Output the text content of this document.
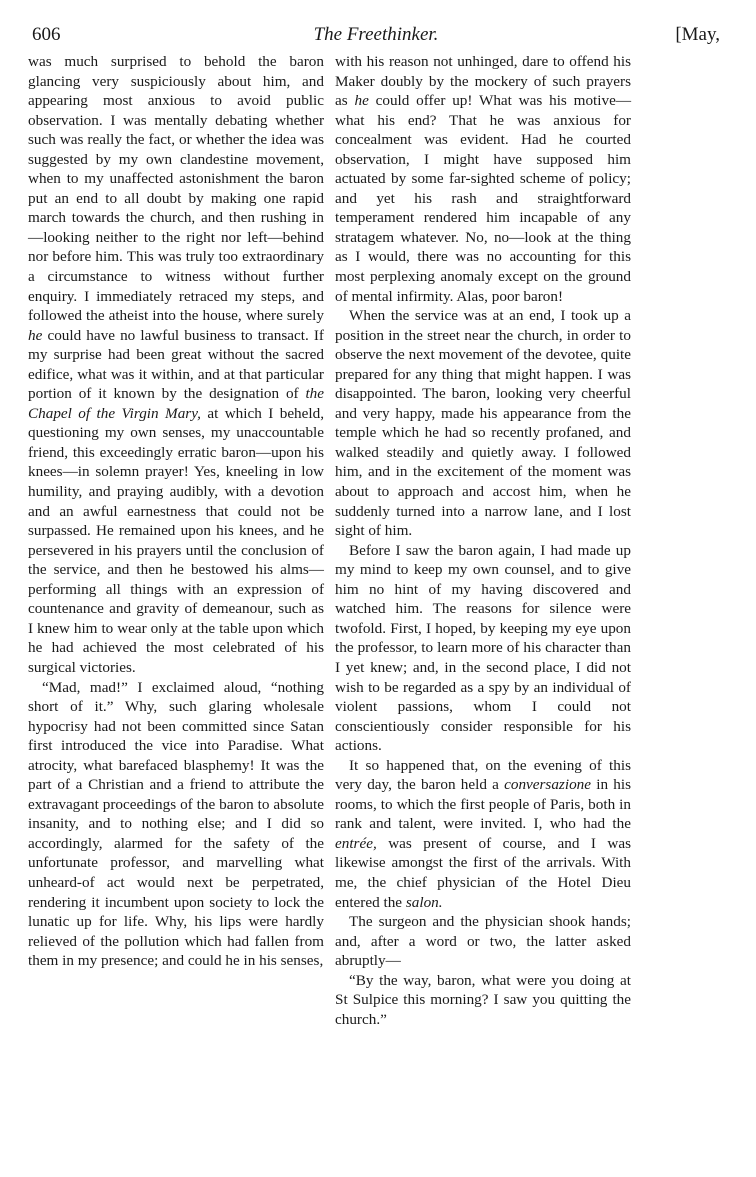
606	The Freethinker.	[May,

was much surprised to behold the baron glancing very suspiciously about him, and appearing most anxious to avoid public observation. I was mentally debating whether such was really the fact, or whether the idea was suggested by my own clandestine movement, when to my unaffected astonishment the baron put an end to all doubt by making one rapid march towards the church, and then rushing in—looking neither to the right nor left—behind nor before him. This was truly too extraordinary a circumstance to witness without further enquiry. I immediately retraced my steps, and followed the atheist into the house, where surely he could have no lawful business to transact. If my surprise had been great without the sacred edifice, what was it within, and at that particular portion of it known by the designation of the Chapel of the Virgin Mary, at which I beheld, questioning my own senses, my unaccountable friend, this exceedingly erratic baron—upon his knees—in solemn prayer! Yes, kneeling in low humility, and praying audibly, with a devotion and an awful earnestness that could not be surpassed. He remained upon his knees, and he persevered in his prayers until the conclusion of the service, and then he bestowed his alms—performing all things with an expression of countenance and gravity of demeanour, such as I knew him to wear only at the table upon which he had achieved the most celebrated of his surgical victories.

“Mad, mad!” I exclaimed aloud, “nothing short of it.” Why, such glaring wholesale hypocrisy had not been committed since Satan first introduced the vice into Paradise. What atrocity, what barefaced blasphemy! It was the part of a Christian and a friend to attribute the extravagant proceedings of the baron to absolute insanity, and to nothing else; and I did so accordingly, alarmed for the safety of the unfortunate professor, and marvelling what unheard-of act would next be perpetrated, rendering it incumbent upon society to lock the lunatic up for life. Why, his lips were hardly relieved of the pollution which had fallen from them in my presence; and could he in his senses,

with his reason not unhinged, dare to offend his Maker doubly by the mockery of such prayers as he could offer up! What was his motive—what his end? That he was anxious for concealment was evident. Had he courted observation, I might have supposed him actuated by some far-sighted scheme of policy; and yet his rash and straightforward temperament rendered him incapable of any stratagem whatever. No, no—look at the thing as I would, there was no accounting for this most perplexing anomaly except on the ground of mental infirmity. Alas, poor baron!

When the service was at an end, I took up a position in the street near the church, in order to observe the next movement of the devotee, quite prepared for any thing that might happen. I was disappointed. The baron, looking very cheerful and very happy, made his appearance from the temple which he had so recently profaned, and walked steadily and quietly away. I followed him, and in the excitement of the moment was about to approach and accost him, when he suddenly turned into a narrow lane, and I lost sight of him.

Before I saw the baron again, I had made up my mind to keep my own counsel, and to give him no hint of my having discovered and watched him. The reasons for silence were twofold. First, I hoped, by keeping my eye upon the professor, to learn more of his character than I yet knew; and, in the second place, I did not wish to be regarded as a spy by an individual of violent passions, whom I could not conscientiously consider responsible for his actions.

It so happened that, on the evening of this very day, the baron held a conversazione in his rooms, to which the first people of Paris, both in rank and talent, were invited. I, who had the entrée, was present of course, and I was likewise amongst the first of the arrivals. With me, the chief physician of the Hotel Dieu entered the salon.

The surgeon and the physician shook hands; and, after a word or two, the latter asked abruptly—

“By the way, baron, what were you doing at St Sulpice this morning? I saw you quitting the church.”
